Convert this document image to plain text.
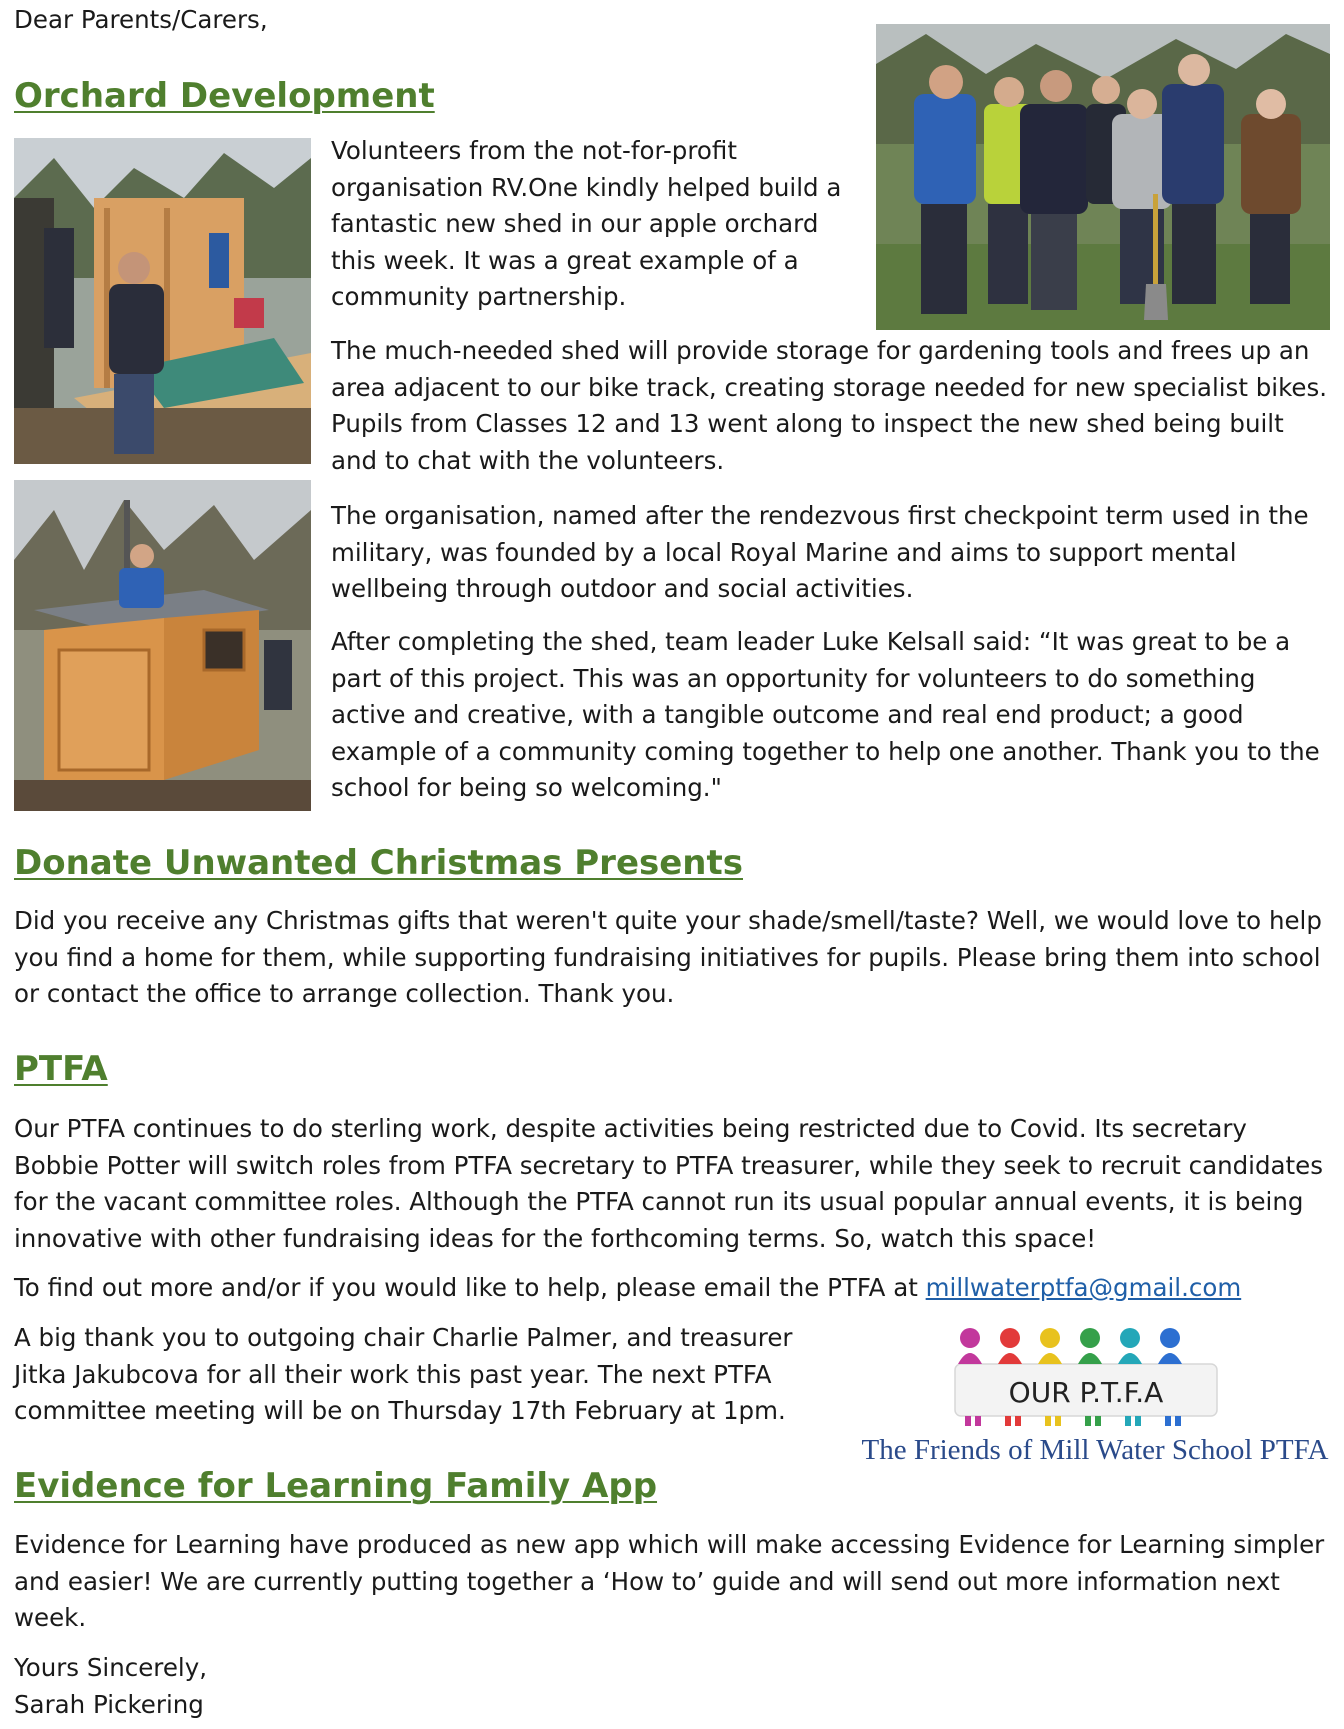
Dear Parents/Carers,
Orchard Development

Volunteers from the not-for-profit organisation RV.One kindly helped build a fantastic new shed in our apple orchard this week. It was a great example of a community partnership.

The much-needed shed will provide storage for gardening tools and frees up an area adjacent to our bike track, creating storage needed for new specialist bikes. Pupils from Classes 12 and 13 went along to inspect the new shed being built and to chat with the volunteers.

The organisation, named after the rendezvous first checkpoint term used in the military, was founded by a local Royal Marine and aims to support mental wellbeing through outdoor and social activities.

After completing the shed, team leader Luke Kelsall said: “It was great to be a part of this project. This was an opportunity for volunteers to do something active and creative, with a tangible outcome and real end product; a good example of a community coming together to help one another. Thank you to the school for being so welcoming."

Donate Unwanted Christmas Presents

Did you receive any Christmas gifts that weren't quite your shade/smell/taste? Well, we would love to help you find a home for them, while supporting fundraising initiatives for pupils. Please bring them into school or contact the office to arrange collection. Thank you.

PTFA

Our PTFA continues to do sterling work, despite activities being restricted due to Covid. Its secretary Bobbie Potter will switch roles from PTFA secretary to PTFA treasurer, while they seek to recruit candidates for the vacant committee roles. Although the PTFA cannot run its usual popular annual events, it is being innovative with other fundraising ideas for the forthcoming terms. So, watch this space!

To find out more and/or if you would like to help, please email the PTFA at millwaterptfa@gmail.com

A big thank you to outgoing chair Charlie Palmer, and treasurer Jitka Jakubcova for all their work this past year. The next PTFA committee meeting will be on Thursday 17th February at 1pm.

OUR P.T.F.A
The Friends of Mill Water School PTFA
Evidence for Learning Family App

Evidence for Learning have produced as new app which will make accessing Evidence for Learning simpler and easier! We are currently putting together a ‘How to’ guide and will send out more information next week.

Yours Sincerely,
Sarah Pickering
